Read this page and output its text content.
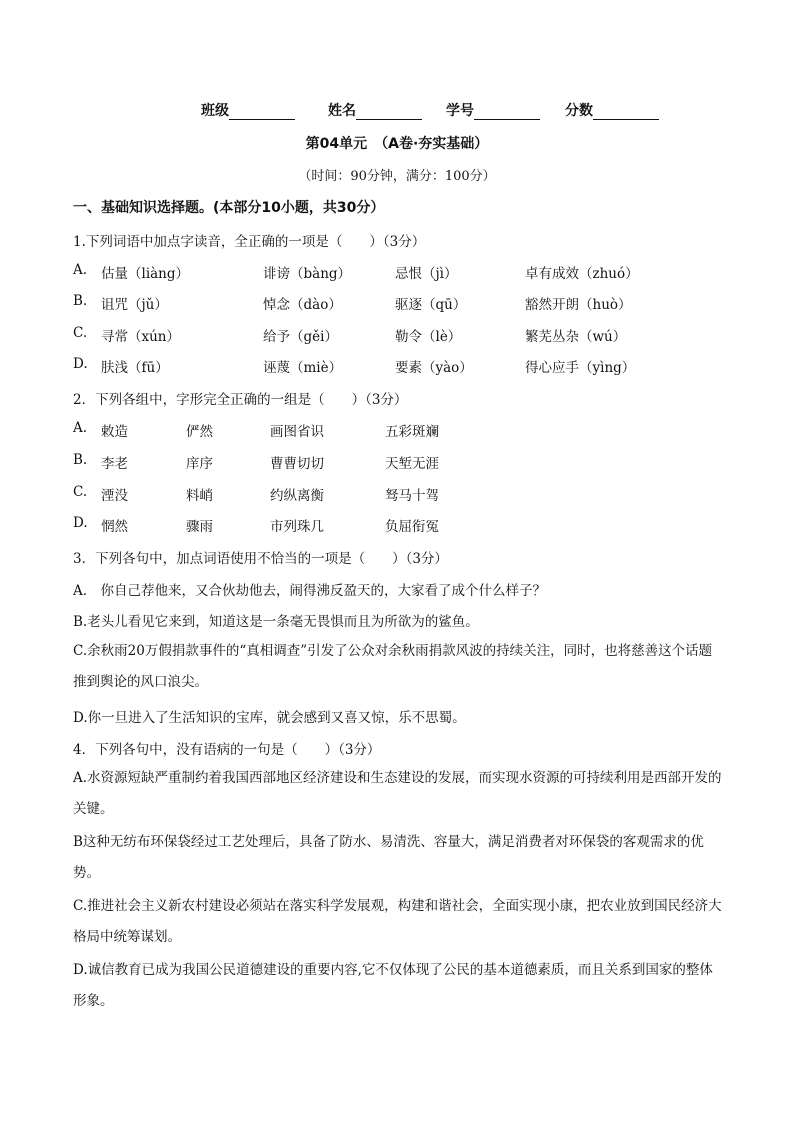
班级	姓名	学号	分数
第04单元　（A卷·夯实基础）
（时间：90分钟，满分：100分）
一、基础知识选择题。(本部分10小题，共30分）
1.下列词语中加点字读音，全正确的一项是（　　）（3分）
A. 估量（liàng）	诽谤（bàng）	忌恨（jì）	卓有成效（zhuó）
B. 诅咒（jǔ）	悼念（dào）	驱逐（qū）	豁然开朗（huò）
C. 寻常（xún）	给予（gěi）	勒令（lè）	繁芜丛杂（wú）
D. 肤浅（fū）	诬蔑（miè）	要素（yào）	得心应手（yìng）
2．下列各组中，字形完全正确的一组是（　　）（3分）
A. 敕造	俨然	画图省识	五彩斑斓
B. 李老	庠序	曹曹切切	天堑无涯
C. 湮没	料峭	约纵离衡	驽马十驾
D. 惘然	骤雨	市列珠几	负屈衔冤
3．下列各句中，加点词语使用不恰当的一项是（　　）（3分）
A.　你自己荐他来，又合伙劫他去，闹得沸反盈天的，大家看了成个什么样子？
B.老头儿看见它来到，知道这是一条毫无畏惧而且为所欲为的鲨鱼。
C.余秋雨20万假捐款事件的“真相调查”引发了公众对余秋雨捐款风波的持续关注，同时，也将慈善这个话题推到舆论的风口浪尖。
D.你一旦进入了生活知识的宝库，就会感到又喜又惊，乐不思蜀。
4．下列各句中，没有语病的一句是（　　）（3分）
A.水资源短缺严重制约着我国西部地区经济建设和生态建设的发展，而实现水资源的可持续利用是西部开发的关键。
B这种无纺布环保袋经过工艺处理后，具备了防水、易清洗、容量大，满足消费者对环保袋的客观需求的优势。
C.推进社会主义新农村建设必须站在落实科学发展观，构建和谐社会，全面实现小康，把农业放到国民经济大格局中统筹谋划。
D.诚信教育已成为我国公民道德建设的重要内容,它不仅体现了公民的基本道德素质，而且关系到国家的整体形象。
